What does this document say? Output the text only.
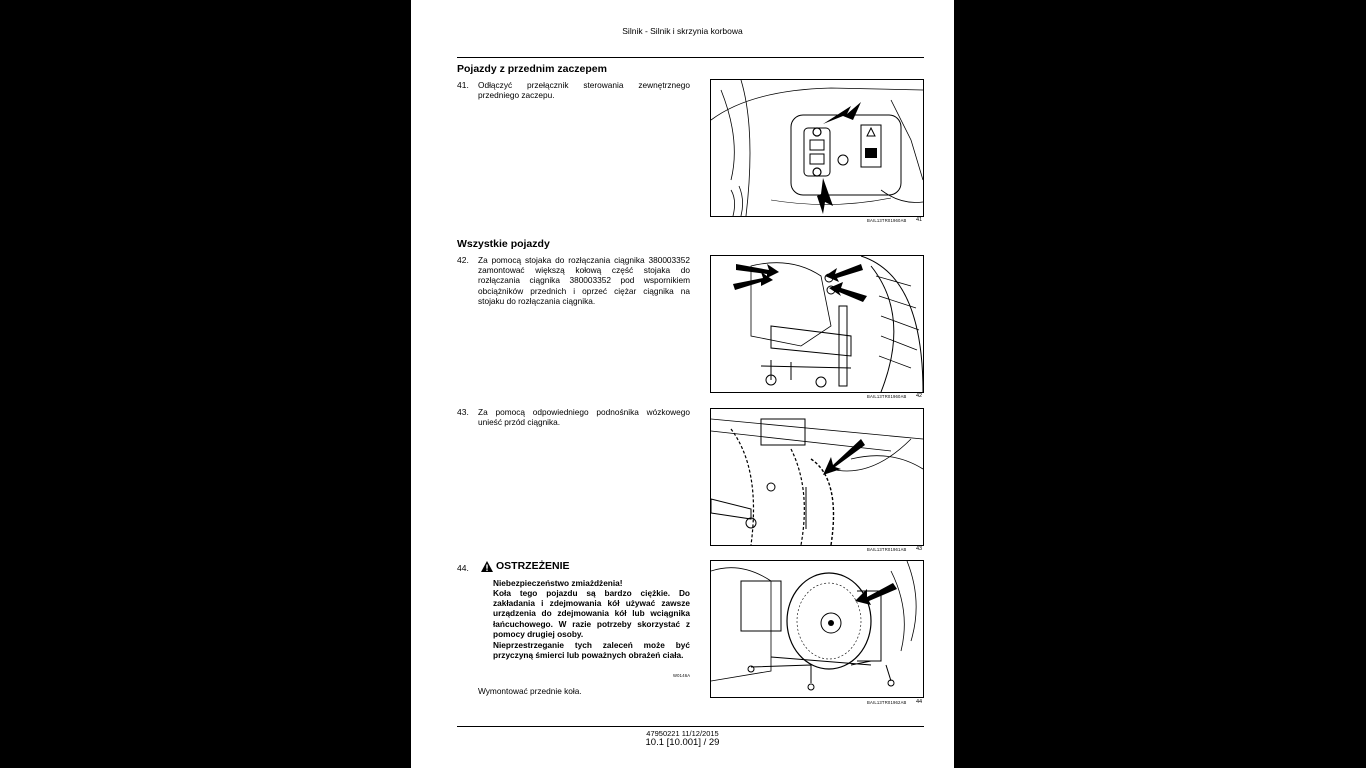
Silnik - Silnik i skrzynia korbowa
Pojazdy z przednim zaczepem
41. Odłączyć przełącznik sterowania zewnętrznego przedniego zaczepu.
BAIL13TR01960AB 41
Wszystkie pojazdy
42. Za pomocą stojaka do rozłączania ciągnika 380003352 zamontować większą kołową część stojaka do rozłączania ciągnika 380003352 pod wspornikiem obciążników przednich i oprzeć ciężar ciągnika na stojaku do rozłączania ciągnika.
BAIL13TR01960AB 42
43. Za pomocą odpowiedniego podnośnika wózkowego unieść przód ciągnika.
BAIL13TR01961AB 43
44.	OSTRZEŻENIE
Niebezpieczeństwo zmiażdżenia!
Koła tego pojazdu są bardzo ciężkie. Do zakładania i zdejmowania kół używać zawsze urządzenia do zdejmowania kół lub wciągnika łańcuchowego. W razie potrzeby skorzystać z pomocy drugiej osoby.
Nieprzestrzeganie tych zaleceń może być przyczyną śmierci lub poważnych obrażeń ciała.
W0146A
Wymontować przednie koła.
BAIL13TR01962AB 44
47950221 11/12/2015
10.1 [10.001] / 29
